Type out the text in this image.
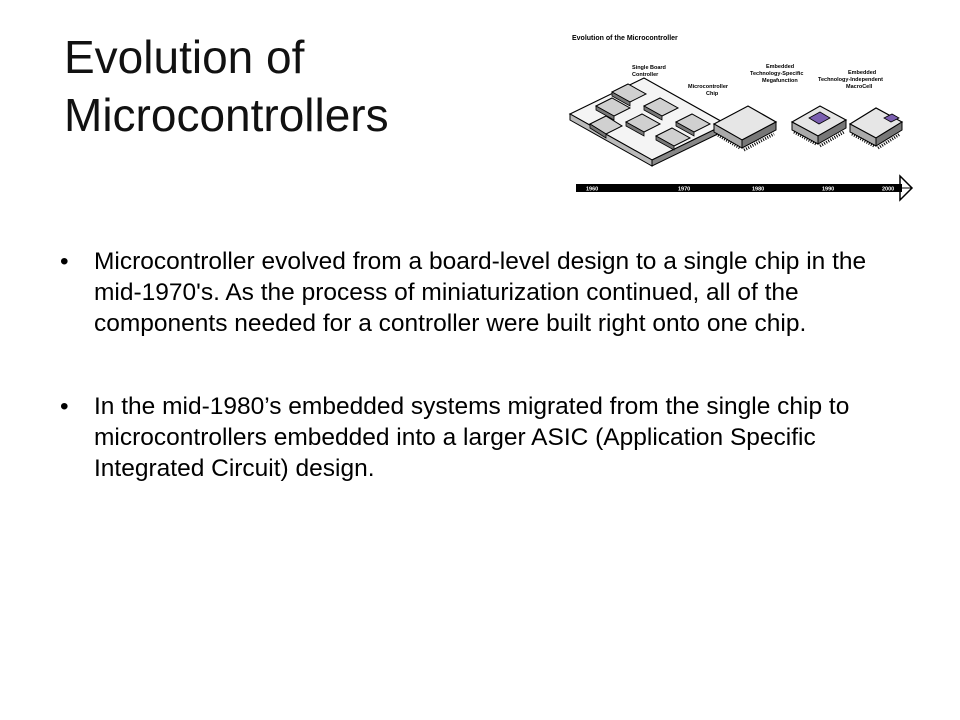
Evolution of
Microcontrollers
Evolution of the Microcontroller
Single Board
Controller
Microcontroller
Chip
Embedded
Technology-Specific
Megafunction
Embedded
Technology-Independent
MacroCell
1960	1970	1980	1990	2000
• Microcontroller evolved from a board-level design to a single chip in the mid-1970's. As the process of miniaturization continued, all of the components needed for a controller were built right onto one chip.
• In the mid-1980’s embedded systems migrated from the single chip to microcontrollers embedded into a larger ASIC (Application Specific Integrated Circuit) design.
